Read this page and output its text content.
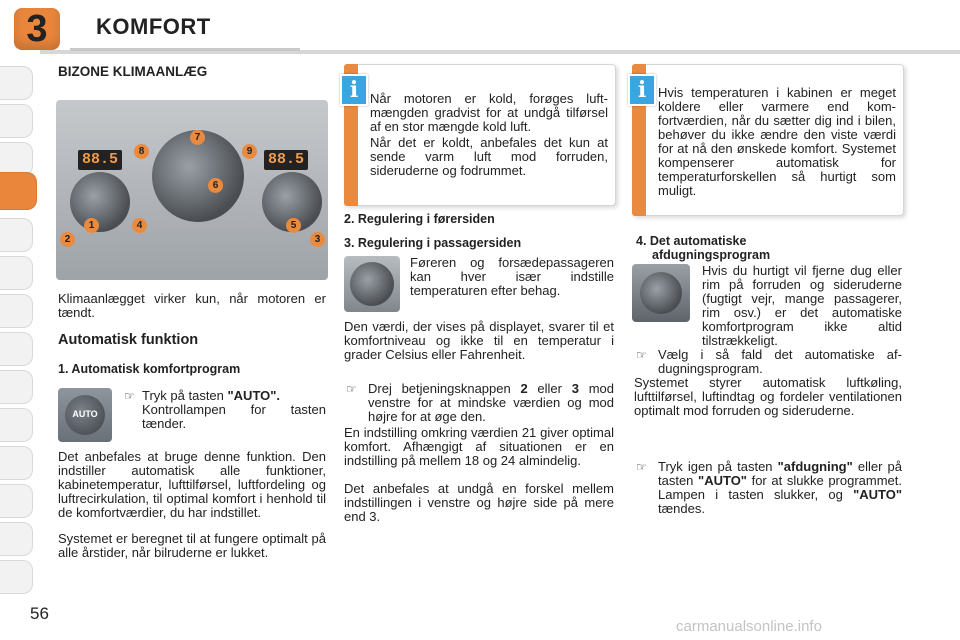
3	KOMFORT
BIZONE KLIMAANLÆG
88.5	88.5
1
2	3
4	5
6
7
8	9
Klimaanlægget virker kun, når motoren er tændt.
Automatisk funktion
1. Automatisk komfortprogram
AUTO
☞ Tryk på tasten "AUTO".
Kontrollampen for tasten
tænder.
Det anbefales at bruge denne funktion. Den indstiller automatisk alle funktioner, kabinetemperatur, lufttilførsel, luftfordeling og luftrecirkulation, til optimal komfort i henhold til de komfortværdier, du har indstillet.
Systemet er beregnet til at fungere optimalt på alle årstider, når bilruderne er lukket.
i Når motoren er kold, forøges luftmængden gradvist for at undgå tilførsel af en stor mængde kold luft.
Når det er koldt, anbefales det kun at sende varm luft mod forruden, sideruderne og fodrummet.
i Hvis temperaturen i kabinen er meget koldere eller varmere end komfortværdien, når du sætter dig ind i bilen, behøver du ikke ændre den viste værdi for at nå den ønskede komfort. Systemet kompenserer automatisk for temperaturforskellen så hurtigt som muligt.
2. Regulering i førersiden
3. Regulering i passagersiden
Føreren og forsædepassageren kan hver især indstille temperaturen efter behag.
Den værdi, der vises på displayet, svarer til et komfortniveau og ikke til en temperatur i grader Celsius eller Fahrenheit.
☞ Drej betjeningsknappen 2 eller 3 mod venstre for at mindske værdien og mod højre for at øge den.
En indstilling omkring værdien 21 giver optimal komfort. Afhængigt af situationen er en indstilling på mellem 18 og 24 almindelig.
Det anbefales at undgå en forskel mellem indstillingen i venstre og højre side på mere end 3.
4. Det automatiske
afdugningsprogram
Hvis du hurtigt vil fjerne dug eller rim på forruden og sideruderne (fugtigt vejr, mange passagerer, rim osv.) er det automatiske komfortprogram ikke altid tilstrækkeligt.
☞ Vælg i så fald det automatiske afdugningsprogram.
Systemet styrer automatisk luftkøling, lufttilførsel, luftindtag og fordeler ventilationen optimalt mod forruden og sideruderne.
☞ Tryk igen på tasten "afdugning" eller på tasten "AUTO" for at slukke programmet. Lampen i tasten slukker, og "AUTO" tændes.
56
carmanualsonline.info
